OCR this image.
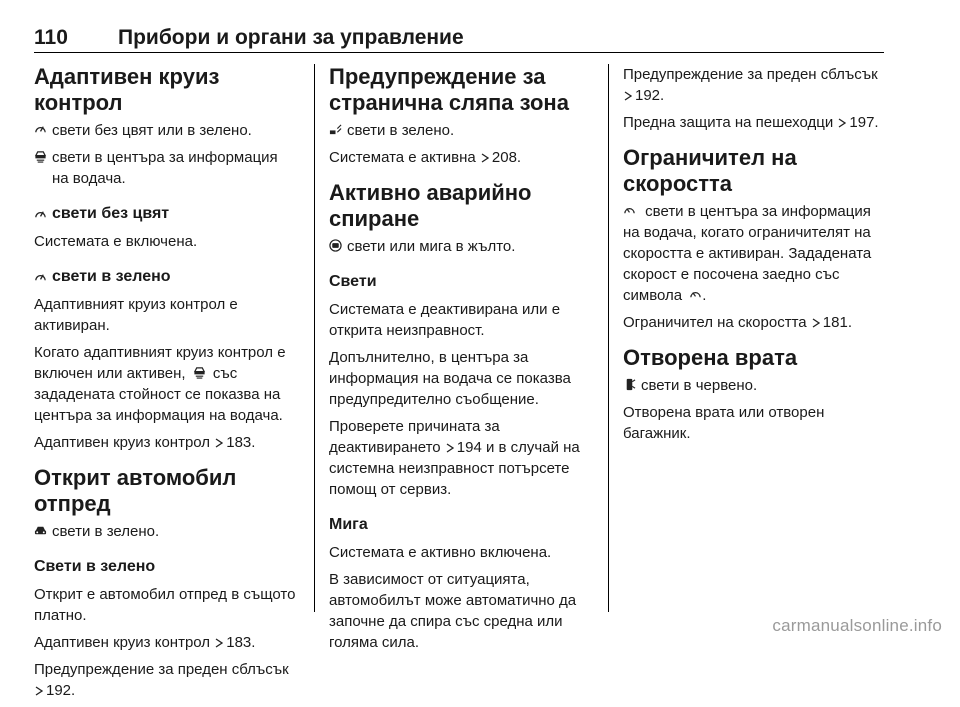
110	Прибори и органи за управление
Адаптивен круиз контрол
свети без цвят или в зелено.
свети в центъра за информация на водача.
свети без цвят
Системата е включена.
свети в зелено
Адаптивният круиз контрол е активиран.
Когато адаптивният круиз контрол е включен или активен, със зададената стойност се показва на центъра за информация на водача.
Адаптивен круиз контрол 183.
Открит автомобил отпред
свети в зелено.
Свети в зелено
Открит е автомобил отпред в същото платно.
Адаптивен круиз контрол 183.
Предупреждение за преден сблъсък
192.
Предупреждение за странична сляпа зона
свети в зелено.
Системата е активна 208.
Активно аварийно спиране
свети или мига в жълто.
Свети
Системата е деактивирана или е открита неизправност.
Допълнително, в центъра за информация на водача се показва предупредително съобщение.
Проверете причината за деактивирането 194 и в случай на системна неизправност потърсете помощ от сервиз.
Мига
Системата е активно включена.
В зависимост от ситуацията, автомобилът може автоматично да започне да спира със средна или голяма сила.
Предупреждение за преден сблъсък
192.
Предна защита на пешеходци 197.
Ограничител на скоростта
свети в центъра за информация на водача, когато ограничителят на скоростта е активиран. Зададената скорост е посочена заедно със символа .
Ограничител на скоростта 181.
Отворена врата
свети в червено.
Отворена врата или отворен багажник.
carmanualsonline.info
